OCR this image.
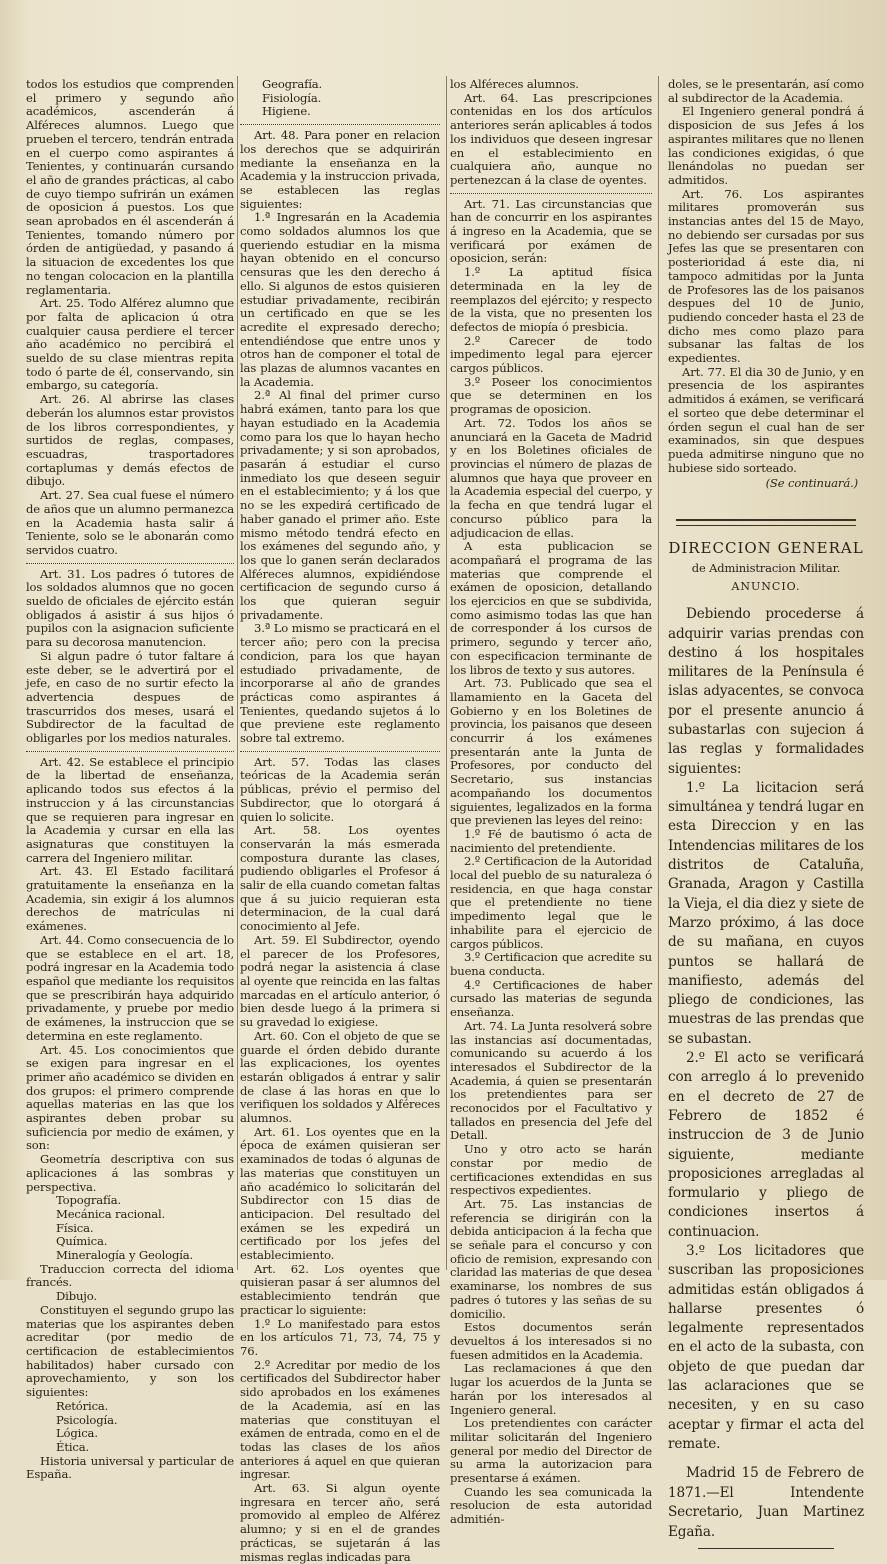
todos los estudios que comprenden el primero y segundo año académicos, ascenderán á Alféreces alumnos. Luego que prueben el tercero, tendrán entrada en el cuerpo como aspirantes á Tenientes, y continuarán cursando el año de grandes prácticas, al cabo de cuyo tiempo sufrirán un exámen de oposicion á puestos. Los que sean aprobados en él ascenderán á Tenientes, tomando número por órden de antigüedad, y pasando á la situacion de excedentes los que no tengan colocacion en la plantilla reglamentaria.

Art. 25. Todo Alférez alumno que por falta de aplicacion ú otra cualquier causa perdiere el tercer año académico no percibirá el sueldo de su clase mientras repita todo ó parte de él, conservando, sin embargo, su categoría.

Art. 26. Al abrirse las clases deberán los alumnos estar provistos de los libros correspondientes, y surtidos de reglas, compases, escuadras, trasportadores cortaplumas y demás efectos de dibujo.

Art. 27. Sea cual fuese el número de años que un alumno permanezca en la Academia hasta salir á Teniente, solo se le abonarán como servidos cuatro.

Art. 31. Los padres ó tutores de los soldados alumnos que no gocen sueldo de oficiales de ejército están obligados á asistir á sus hijos ó pupilos con la asignacion suficiente para su decorosa manutencion.

Si algun padre ó tutor faltare á este deber, se le advertirá por el jefe, en caso de no surtir efecto la advertencia despues de trascurridos dos meses, usará el Subdirector de la facultad de obligarles por los medios naturales.

Art. 42. Se establece el principio de la libertad de enseñanza, aplicando todos sus efectos á la instruccion y á las circunstancias que se requieren para ingresar en la Academia y cursar en ella las asignaturas que constituyen la carrera del Ingeniero militar.

Art. 43. El Estado facilitará gratuitamente la enseñanza en la Academia, sin exigir á los alumnos derechos de matrículas ni exámenes.

Art. 44. Como consecuencia de lo que se establece en el art. 18, podrá ingresar en la Academia todo español que mediante los requisitos que se prescribirán haya adquirido privadamente, y pruebe por medio de exámenes, la instruccion que se determina en este reglamento.

Art. 45. Los conocimientos que se exigen para ingresar en el primer año académico se dividen en dos grupos: el primero comprende aquellas materias en las que los aspirantes deben probar su suficiencia por medio de exámen, y son:

Geometría descriptiva con sus aplicaciones á las sombras y perspectiva.

Topografía.
Mecánica racional.
Física.
Química.
Mineralogía y Geología.

Traduccion correcta del idioma francés.

Dibujo.

Constituyen el segundo grupo las materias que los aspirantes deben acreditar (por medio de certificacion de establecimientos habilitados) haber cursado con aprovechamiento, y son los siguientes:

Retórica.
Psicología.
Lógica.
Ética.

Historia universal y particular de España.

Geografía.
Fisiología.
Higiene.

Art. 48. Para poner en relacion los derechos que se adquirirán mediante la enseñanza en la Academia y la instruccion privada, se establecen las reglas siguientes:

1.ª Ingresarán en la Academia como soldados alumnos los que queriendo estudiar en la misma hayan obtenido en el concurso censuras que les den derecho á ello. Si algunos de estos quisieren estudiar privadamente, recibirán un certificado en que se les acredite el expresado derecho; entendiéndose que entre unos y otros han de componer el total de las plazas de alumnos vacantes en la Academia.

2.ª Al final del primer curso habrá exámen, tanto para los que hayan estudiado en la Academia como para los que lo hayan hecho privadamente; y si son aprobados, pasarán á estudiar el curso inmediato los que deseen seguir en el establecimiento; y á los que no se les expedirá certificado de haber ganado el primer año. Este mismo método tendrá efecto en los exámenes del segundo año, y los que lo ganen serán declarados Alféreces alumnos, expidiéndose certificacion de segundo curso á los que quieran seguir privadamente.

3.ª Lo mismo se practicará en el tercer año; pero con la precisa condicion, para los que hayan estudiado privadamente, de incorporarse al año de grandes prácticas como aspirantes á Tenientes, quedando sujetos á lo que previene este reglamento sobre tal extremo.

Art. 57. Todas las clases teóricas de la Academia serán públicas, prévio el permiso del Subdirector, que lo otorgará á quien lo solicite.

Art. 58. Los oyentes conservarán la más esmerada compostura durante las clases, pudiendo obligarles el Profesor á salir de ella cuando cometan faltas que á su juicio requieran esta determinacion, de la cual dará conocimiento al Jefe.

Art. 59. El Subdirector, oyendo el parecer de los Profesores, podrá negar la asistencia á clase al oyente que reincida en las faltas marcadas en el artículo anterior, ó bien desde luego á la primera si su gravedad lo exigiese.

Art. 60. Con el objeto de que se guarde el órden debido durante las explicaciones, los oyentes estarán obligados á entrar y salir de clase á las horas en que lo verifiquen los soldados y Alféreces alumnos.

Art. 61. Los oyentes que en la época de exámen quisieran ser examinados de todas ó algunas de las materias que constituyen un año académico lo solicitarán del Subdirector con 15 dias de anticipacion. Del resultado del exámen se les expedirá un certificado por los jefes del establecimiento.

Art. 62. Los oyentes que quisieran pasar á ser alumnos del establecimiento tendrán que practicar lo siguiente:

1.º Lo manifestado para estos en los artículos 71, 73, 74, 75 y 76.

2.º Acreditar por medio de los certificados del Subdirector haber sido aprobados en los exámenes de la Academia, así en las materias que constituyan el exámen de entrada, como en el de todas las clases de los años anteriores á aquel en que quieran ingresar.

Art. 63. Si algun oyente ingresara en tercer año, será promovido al empleo de Alférez alumno; y si en el de grandes prácticas, se sujetarán á las mismas reglas indicadas para

los Alféreces alumnos.

Art. 64. Las prescripciones contenidas en los dos artículos anteriores serán aplicables á todos los individuos que deseen ingresar en el establecimiento en cualquiera año, aunque no pertenezcan á la clase de oyentes.

Art. 71. Las circunstancias que han de concurrir en los aspirantes á ingreso en la Academia, que se verificará por exámen de oposicion, serán:

1.º La aptitud física determinada en la ley de reemplazos del ejército; y respecto de la vista, que no presenten los defectos de miopía ó presbicia.

2.º Carecer de todo impedimento legal para ejercer cargos públicos.

3.º Poseer los conocimientos que se determinen en los programas de oposicion.

Art. 72. Todos los años se anunciará en la Gaceta de Madrid y en los Boletines oficiales de provincias el número de plazas de alumnos que haya que proveer en la Academia especial del cuerpo, y la fecha en que tendrá lugar el concurso público para la adjudicacion de ellas.

A esta publicacion se acompañará el programa de las materias que comprende el exámen de oposicion, detallando los ejercicios en que se subdivida, como asimismo todas las que han de corresponder á los cursos de primero, segundo y tercer año, con especificacion terminante de los libros de texto y sus autores.

Art. 73. Publicado que sea el llamamiento en la Gaceta del Gobierno y en los Boletines de provincia, los paisanos que deseen concurrir á los exámenes presentarán ante la Junta de Profesores, por conducto del Secretario, sus instancias acompañando los documentos siguientes, legalizados en la forma que previenen las leyes del reino:

1.º Fé de bautismo ó acta de nacimiento del pretendiente.

2.º Certificacion de la Autoridad local del pueblo de su naturaleza ó residencia, en que haga constar que el pretendiente no tiene impedimento legal que le inhabilite para el ejercicio de cargos públicos.

3.º Certificacion que acredite su buena conducta.

4.º Certificaciones de haber cursado las materias de segunda enseñanza.

Art. 74. La Junta resolverá sobre las instancias así documentadas, comunicando su acuerdo á los interesados el Subdirector de la Academia, á quien se presentarán los pretendientes para ser reconocidos por el Facultativo y tallados en presencia del Jefe del Detall.

Uno y otro acto se harán constar por medio de certificaciones extendidas en sus respectivos expedientes.

Art. 75. Las instancias de referencia se dirigirán con la debida anticipacion á la fecha que se señale para el concurso y con oficio de remision, expresando con claridad las materias de que desea examinarse, los nombres de sus padres ó tutores y las señas de su domicilio.

Estos documentos serán devueltos á los interesados si no fuesen admitidos en la Academia.

Las reclamaciones á que den lugar los acuerdos de la Junta se harán por los interesados al Ingeniero general.

Los pretendientes con carácter militar solicitarán del Ingeniero general por medio del Director de su arma la autorizacion para presentarse á exámen.

Cuando les sea comunicada la resolucion de esta autoridad admitién-

doles, se le presentarán, así como al subdirector de la Academia.

El Ingeniero general pondrá á disposicion de sus Jefes á los aspirantes militares que no llenen las condiciones exigidas, ó que llenándolas no puedan ser admitidos.

Art. 76. Los aspirantes militares promoverán sus instancias antes del 15 de Mayo, no debiendo ser cursadas por sus Jefes las que se presentaren con posterioridad á este dia, ni tampoco admitidas por la Junta de Profesores las de los paisanos despues del 10 de Junio, pudiendo conceder hasta el 23 de dicho mes como plazo para subsanar las faltas de los expedientes.

Art. 77. El dia 30 de Junio, y en presencia de los aspirantes admitidos á exámen, se verificará el sorteo que debe determinar el órden segun el cual han de ser examinados, sin que despues pueda admitirse ninguno que no hubiese sido sorteado.

(Se continuará.)
DIRECCION GENERAL
de Administracion Militar.
ANUNCIO.

Debiendo procederse á adquirir varias prendas con destino á los hospitales militares de la Península é islas adyacentes, se convoca por el presente anuncio á subastarlas con sujecion á las reglas y formalidades siguientes:

1.º La licitacion será simultánea y tendrá lugar en esta Direccion y en las Intendencias militares de los distritos de Cataluña, Granada, Aragon y Castilla la Vieja, el dia diez y siete de Marzo próximo, á las doce de su mañana, en cuyos puntos se hallará de manifiesto, además del pliego de condiciones, las muestras de las prendas que se subastan.

2.º El acto se verificará con arreglo á lo prevenido en el decreto de 27 de Febrero de 1852 é instruccion de 3 de Junio siguiente, mediante proposiciones arregladas al formulario y pliego de condiciones insertos á continuacion.

3.º Los licitadores que suscriban las proposiciones admitidas están obligados á hallarse presentes ó legalmente representados en el acto de la subasta, con objeto de que puedan dar las aclaraciones que se necesiten, y en su caso aceptar y firmar el acta del remate.

Madrid 15 de Febrero de 1871.—El Intendente Secretario, Juan Martinez Egaña.
